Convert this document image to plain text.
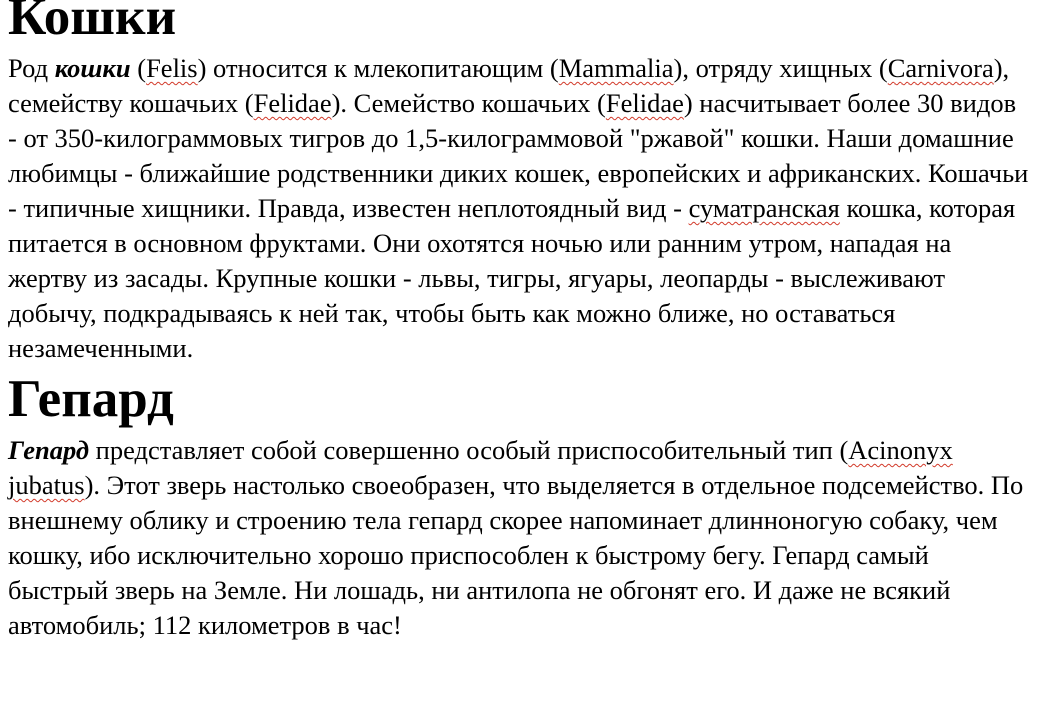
Кошки

Род кошки (Felis) относится к млекопитающим (Mammalia), отряду хищных (Carnivora), семейству кошачьих (Felidae). Семейство кошачьих (Felidae) насчитывает более 30 видов - от 350-килограммовых тигров до 1,5-килограммовой "ржавой" кошки. Наши домашние любимцы - ближайшие родственники диких кошек, европейских и африканских. Кошачьи - типичные хищники. Правда, известен неплотоядный вид - суматранская кошка, которая питается в основном фруктами. Они охотятся ночью или ранним утром, нападая на жертву из засады. Крупные кошки - львы, тигры, ягуары, леопарды - выслеживают добычу, подкрадываясь к ней так, чтобы быть как можно ближе, но оставаться незамеченными.

Гепард

Гепард представляет собой совершенно особый приспособительный тип (Acinonyx jubatus). Этот зверь настолько своеобразен, что выделяется в отдельное подсемейство. По внешнему облику и строению тела гепард скорее напоминает длинноногую собаку, чем кошку, ибо исключительно хорошо приспособлен к быстрому бегу. Гепард самый быстрый зверь на Земле. Ни лошадь, ни антилопа не обгонят его. И даже не всякий автомобиль; 112 километров в час!
